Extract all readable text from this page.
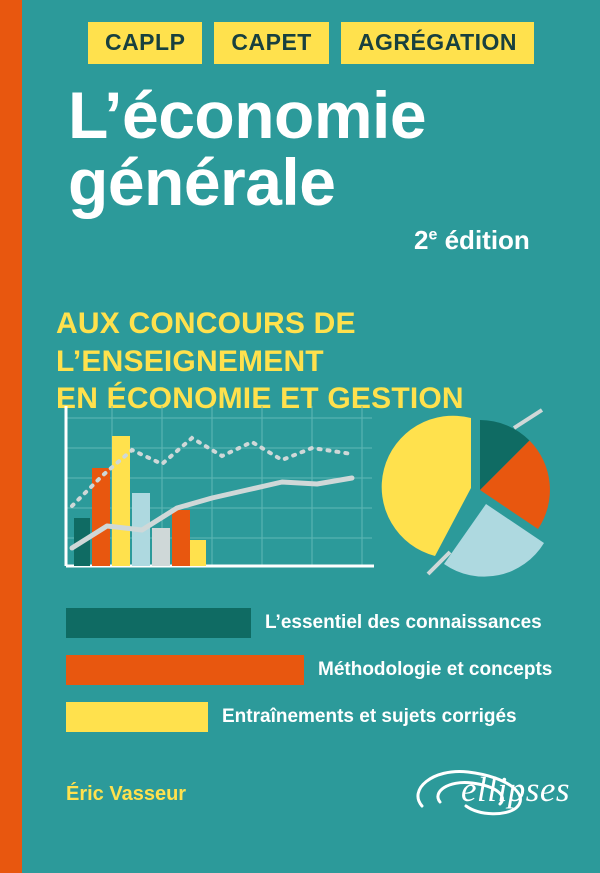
CAPLP	CAPET	AGRÉGATION
L’économie
générale
2e édition
AUX CONCOURS DE L’ENSEIGNEMENT
EN ÉCONOMIE ET GESTION
L’essentiel des connaissances
Méthodologie et concepts
Entraînements et sujets corrigés
Éric Vasseur	ellipses
